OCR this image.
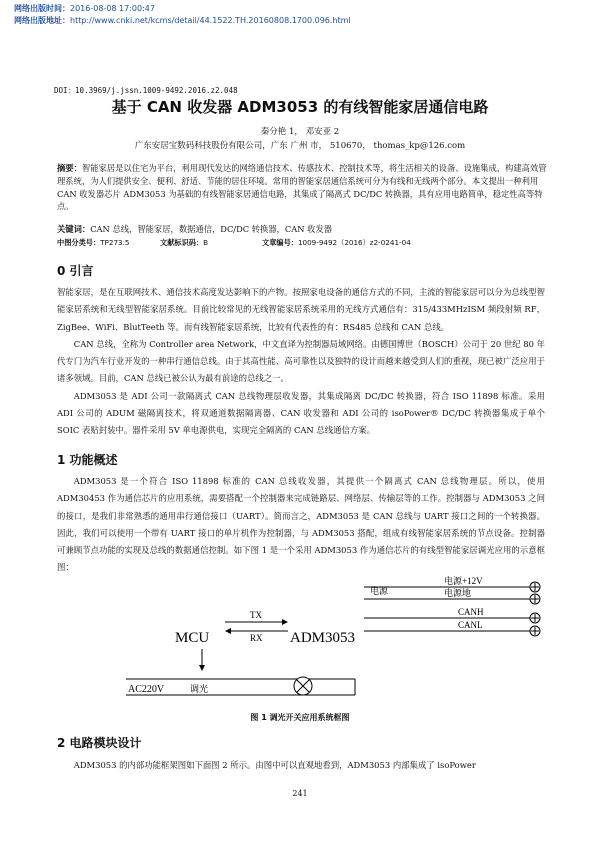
网络出版时间：2016-08-08 17:00:47
网络出版地址：http://www.cnki.net/kcms/detail/44.1522.TH.20160808.1700.096.html
DOI：10.3969/j.jssn.1009-9492.2016.z2.048
基于 CAN 收发器 ADM3053 的有线智能家居通信电路
秦分艳 1， 邓安亚 2
广东安居宝数码科技股份有限公司，广东 广州 市， 510670， thomas_kp@126.com
摘要：智能家居是以住宅为平台，利用现代发达的网络通信技术、传感技术、控制技术等，将生活相关的设备、设施集成，构建高效管理系统，为人们提供安全、便利、舒适、节能的居住环境。常用的智能家居通信系统可分为有线和无线两个部分。本文提出一种利用 CAN 收发器芯片 ADM3053 为基础的有线智能家居通信电路，其集成了隔离式 DC/DC 转换器，具有应用电路简单，稳定性高等特点。
关键词：CAN 总线，智能家居，数据通信，DC/DC 转换器，CAN 收发器
中图分类号：TP273.5	文献标识码：B	文章编号：1009-9492（2016）z2-0241-04
0 引言

智能家居，是在互联网技术、通信技术高度发达影响下的产物。按照家电设备的通信方式的不同，主流的智能家居可以分为总线型智能家居系统和无线型智能家居系统。目前比较常见的无线智能家居系统采用的无线方式通信有：315/433MHzISM 频段射频 RF，ZigBee、WiFi、BlutTeeth 等。而有线智能家居系统，比较有代表性的有：RS485 总线和 CAN 总线。

CAN 总线，全称为 Controller area Network，中文直译为控制器局域网络。由德国博世（BOSCH）公司于 20 世纪 80 年代专门为汽车行业开发的一种串行通信总线。由于其高性能、高可靠性以及独特的设计而越来越受到人们的重视，现已被广泛应用于诸多领域。目前，CAN 总线已被公认为最有前途的总线之一。

ADM3053 是 ADI 公司一款隔离式 CAN 总线物理层收发器，其集成隔离 DC/DC 转换器，符合 ISO 11898 标准。采用 ADI 公司的 ADUM 磁隔离技术，将双通道数据隔离器、CAN 收发器和 ADI 公司的 isoPower® DC/DC 转换器集成于单个 SOIC 表贴封装中。器件采用 5V 单电源供电，实现完全隔离的 CAN 总线通信方案。

1 功能概述

ADM3053 是一个符合 ISO 11898 标准的 CAN 总线收发器，其提供一个隔离式 CAN 总线物理层。所以，使用 ADM30453 作为通信芯片的应用系统，需要搭配一个控制器来完成链路层、网络层、传输层等的工作。控制器与 ADM3053 之间的接口，是我们非常熟悉的通用串行通信接口（UART）。简而言之，ADM3053 是 CAN 总线与 UART 接口之间的一个转换器。因此，我们可以使用一个带有 UART 接口的单片机作为控制器，与 ADM3053 搭配，组成有线智能家居系统的节点设备。控制器可兼顾节点功能的实现及总线的数据通信控制。如下图 1 是一个采用 ADM3053 作为通信芯片的有线型智能家居调光应用的示意框图：

MCU	ADM3053
TX
RX
AC220V	调光
电源
电源+12V
电源地
CANH
CANL
图 1 调光开关应用系统框图
2 电路模块设计

ADM3053 的内部功能框架图如下面图 2 所示。由图中可以直观地看到，ADM3053 内部集成了 isoPower

241
